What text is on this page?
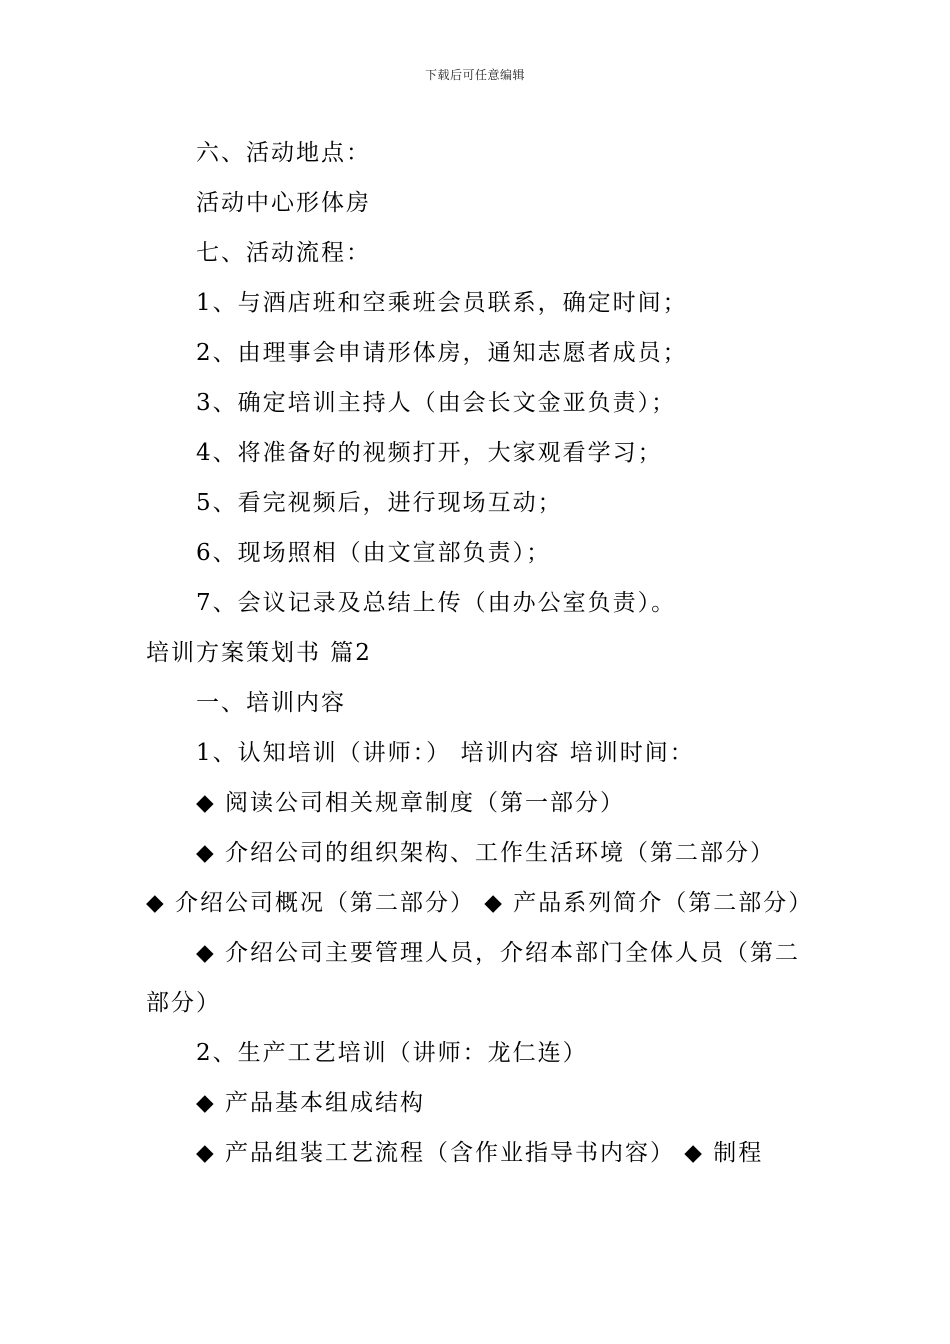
下载后可任意编辑

六、活动地点：

活动中心形体房

七、活动流程：

1、与酒店班和空乘班会员联系，确定时间；

2、由理事会申请形体房，通知志愿者成员；

3、确定培训主持人（由会长文金亚负责）；

4、将准备好的视频打开，大家观看学习；

5、看完视频后，进行现场互动；

6、现场照相（由文宣部负责）；

7、会议记录及总结上传（由办公室负责）。

培训方案策划书 篇2

一、培训内容

1、认知培训（讲师：） 培训内容 培训时间：

◆ 阅读公司相关规章制度（第一部分）

◆ 介绍公司的组织架构、工作生活环境（第二部分）

◆ 介绍公司概况（第二部分） ◆ 产品系列简介（第二部分）

◆ 介绍公司主要管理人员，介绍本部门全体人员（第二部分）

2、生产工艺培训（讲师：龙仁连）

◆ 产品基本组成结构

◆ 产品组装工艺流程（含作业指导书内容） ◆ 制程
